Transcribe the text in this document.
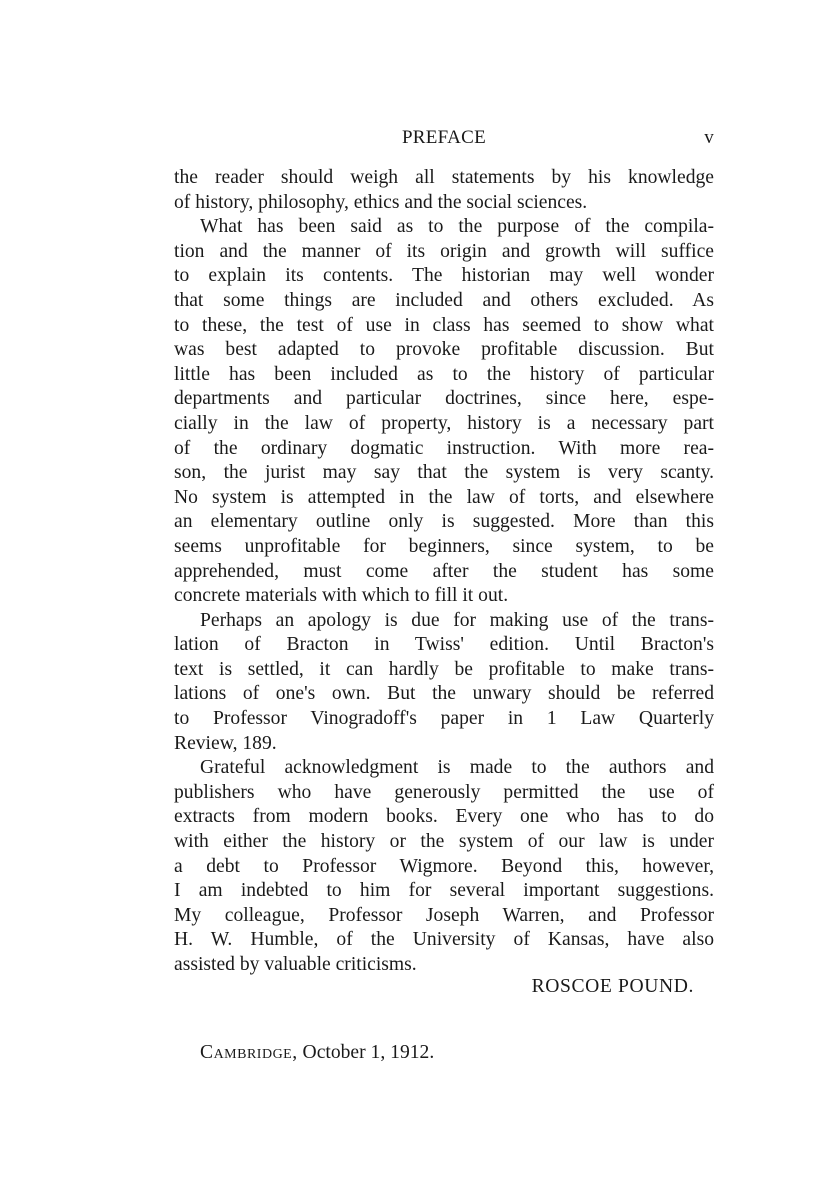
PREFACE	v
the reader should weigh all statements by his knowledge
of history, philosophy, ethics and the social sciences.
What has been said as to the purpose of the compila-
tion and the manner of its origin and growth will suffice
to explain its contents. The historian may well wonder
that some things are included and others excluded. As
to these, the test of use in class has seemed to show what
was best adapted to provoke profitable discussion. But
little has been included as to the history of particular
departments and particular doctrines, since here, espe-
cially in the law of property, history is a necessary part
of the ordinary dogmatic instruction. With more rea-
son, the jurist may say that the system is very scanty.
No system is attempted in the law of torts, and elsewhere
an elementary outline only is suggested. More than this
seems unprofitable for beginners, since system, to be
apprehended, must come after the student has some
concrete materials with which to fill it out.
Perhaps an apology is due for making use of the trans-
lation of Bracton in Twiss' edition. Until Bracton's
text is settled, it can hardly be profitable to make trans-
lations of one's own. But the unwary should be referred
to Professor Vinogradoff's paper in 1 Law Quarterly
Review, 189.
Grateful acknowledgment is made to the authors and
publishers who have generously permitted the use of
extracts from modern books. Every one who has to do
with either the history or the system of our law is under
a debt to Professor Wigmore. Beyond this, however,
I am indebted to him for several important suggestions.
My colleague, Professor Joseph Warren, and Professor
H. W. Humble, of the University of Kansas, have also
assisted by valuable criticisms.
ROSCOE POUND.
Cambridge, October 1, 1912.
